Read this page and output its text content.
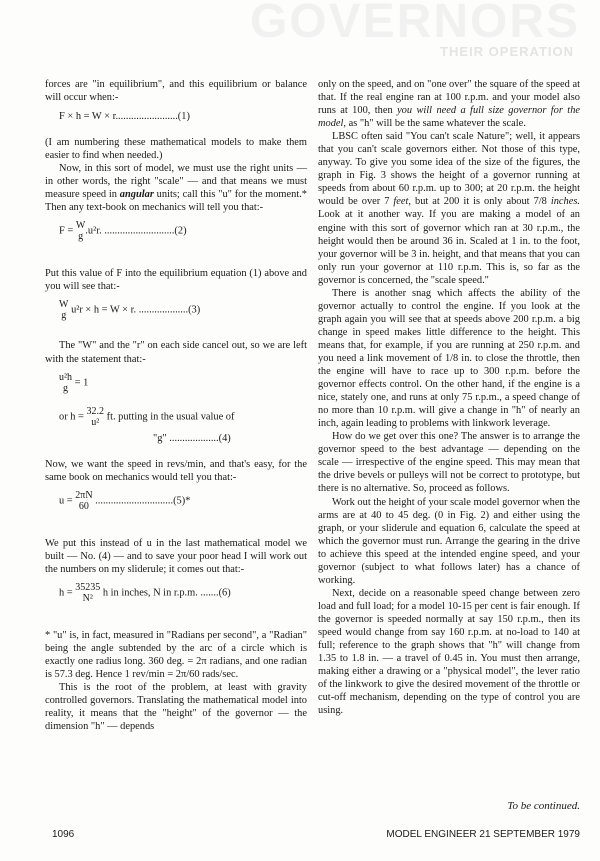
GOVERNORS
THEIR OPERATION

forces are "in equilibrium", and this equilibrium or balance will occur when:-

F × h = W × r........................(1)

(I am numbering these mathematical models to make them easier to find when needed.)

Now, in this sort of model, we must use the right units — in other words, the right "scale" — and that means we must measure speed in angular units; call this "u" for the moment.* Then any text-book on mechanics will tell you that:-

F = W
g
.u²r. ...........................(2)

Put this value of F into the equilibrium equation (1) above and you will see that:-

W
g
u²r × h = W × r. ...................(3)

The "W" and the "r" on each side cancel out, so we are left with the statement that:-

u²h
g
= 1
or h = 32.2
u²
ft. putting in the usual value of

"g" ...................(4)

Now, we want the speed in revs/min, and that's easy, for the same book on mechanics would tell you that:-

u = 2πN
60
..............................(5)*

We put this instead of u in the last mathematical model we built — No. (4) — and to save your poor head I will work out the numbers on my sliderule; it comes out that:-

h = 35235
N²
h in inches, N in r.p.m. .......(6)

* "u" is, in fact, measured in "Radians per second", a "Radian" being the angle subtended by the arc of a circle which is exactly one radius long. 360 deg. = 2π radians, and one radian is 57.3 deg. Hence 1 rev/min = 2π/60 rads/sec.

This is the root of the problem, at least with gravity controlled governors. Translating the mathematical model into reality, it means that the "height" of the governor — the dimension "h" — depends

only on the speed, and on "one over" the square of the speed at that. If the real engine ran at 100 r.p.m. and your model also runs at 100, then you will need a full size governor for the model, as "h" will be the same whatever the scale.

LBSC often said "You can't scale Nature"; well, it appears that you can't scale governors either. Not those of this type, anyway. To give you some idea of the size of the figures, the graph in Fig. 3 shows the height of a governor running at speeds from about 60 r.p.m. up to 300; at 20 r.p.m. the height would be over 7 feet, but at 200 it is only about 7/8 inches. Look at it another way. If you are making a model of an engine with this sort of governor which ran at 30 r.p.m., the height would then be around 36 in. Scaled at 1 in. to the foot, your governor will be 3 in. height, and that means that you can only run your governor at 110 r.p.m. This is, so far as the governor is concerned, the "scale speed."

There is another snag which affects the ability of the governor actually to control the engine. If you look at the graph again you will see that at speeds above 200 r.p.m. a big change in speed makes little difference to the height. This means that, for example, if you are running at 250 r.p.m. and you need a link movement of 1/8 in. to close the throttle, then the engine will have to race up to 300 r.p.m. before the governor effects control. On the other hand, if the engine is a nice, stately one, and runs at only 75 r.p.m., a speed change of no more than 10 r.p.m. will give a change in "h" of nearly an inch, again leading to problems with linkwork leverage.

How do we get over this one? The answer is to arrange the governor speed to the best advantage — depending on the scale — irrespective of the engine speed. This may mean that the drive bevels or pulleys will not be correct to prototype, but there is no alternative. So, proceed as follows.

Work out the height of your scale model governor when the arms are at 40 to 45 deg. (0 in Fig. 2) and either using the graph, or your sliderule and equation 6, calculate the speed at which the governor must run. Arrange the gearing in the drive to achieve this speed at the intended engine speed, and your governor (subject to what follows later) has a chance of working.

Next, decide on a reasonable speed change between zero load and full load; for a model 10-15 per cent is fair enough. If the governor is speeded normally at say 150 r.p.m., then its speed would change from say 160 r.p.m. at no-load to 140 at full; reference to the graph shows that "h" will change from 1.35 to 1.8 in. — a travel of 0.45 in. You must then arrange, making either a drawing or a "physical model", the lever ratio of the linkwork to give the desired movement of the throttle or cut-off mechanism, depending on the type of control you are using.

To be continued.
1096	MODEL ENGINEER 21 SEPTEMBER 1979
